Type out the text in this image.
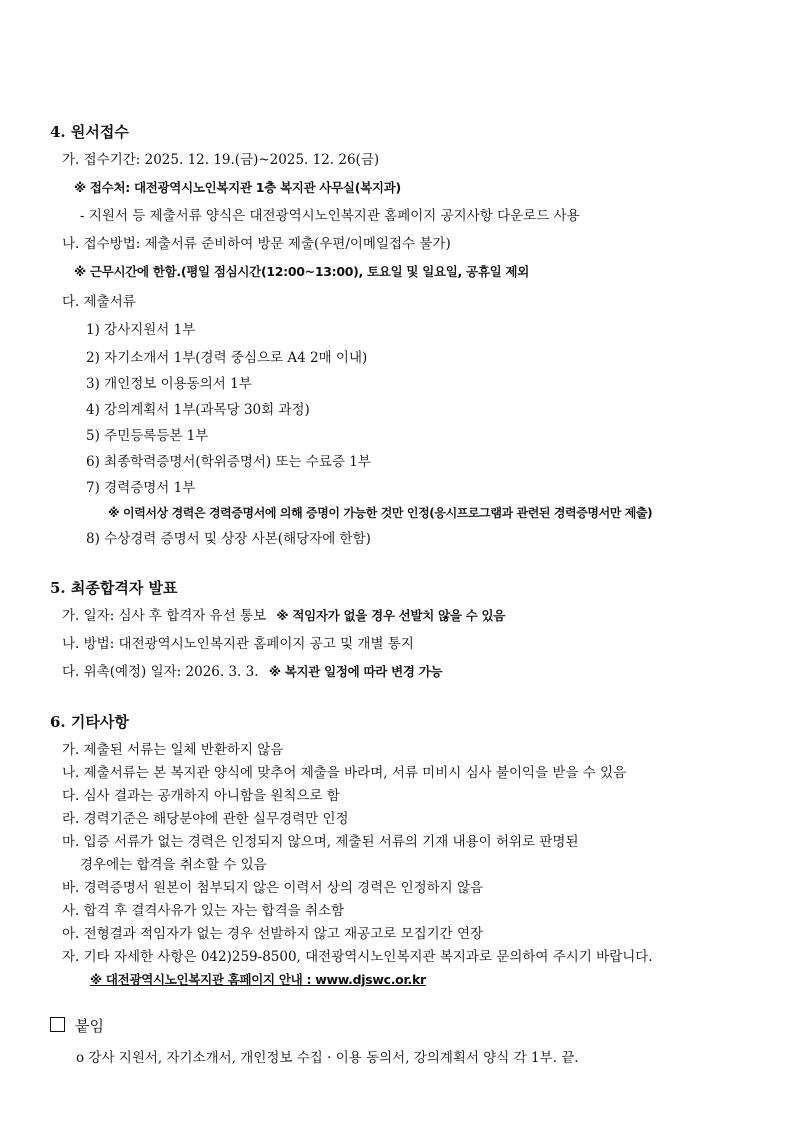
4. 원서접수
가. 접수기간: 2025. 12. 19.(금)~2025. 12. 26(금)
※ 접수처: 대전광역시노인복지관 1층 복지관 사무실(복지과)
- 지원서 등 제출서류 양식은 대전광역시노인복지관 홈페이지 공지사항 다운로드 사용
나. 접수방법: 제출서류 준비하여 방문 제출(우편/이메일접수 불가)
※ 근무시간에 한함.(평일 점심시간(12:00~13:00), 토요일 및 일요일, 공휴일 제외
다. 제출서류
1) 강사지원서 1부
2) 자기소개서 1부(경력 중심으로 A4 2매 이내)
3) 개인정보 이용동의서 1부
4) 강의계획서 1부(과목당 30회 과정)
5) 주민등록등본 1부
6) 최종학력증명서(학위증명서) 또는 수료증 1부
7) 경력증명서 1부
※ 이력서상 경력은 경력증명서에 의해 증명이 가능한 것만 인정(응시프로그램과 관련된 경력증명서만 제출)
8) 수상경력 증명서 및 상장 사본(해당자에 한함)
5. 최종합격자 발표
가. 일자: 심사 후 합격자 유선 통보 ※ 적임자가 없을 경우 선발치 않을 수 있음
나. 방법: 대전광역시노인복지관 홈페이지 공고 및 개별 통지
다. 위촉(예정) 일자: 2026. 3. 3. ※ 복지관 일정에 따라 변경 가능
6. 기타사항
가. 제출된 서류는 일체 반환하지 않음
나. 제출서류는 본 복지관 양식에 맞추어 제출을 바라며, 서류 미비시 심사 불이익을 받을 수 있음
다. 심사 결과는 공개하지 아니함을 원칙으로 함
라. 경력기준은 해당분야에 관한 실무경력만 인정
마. 입증 서류가 없는 경력은 인정되지 않으며, 제출된 서류의 기재 내용이 허위로 판명된
경우에는 합격을 취소할 수 있음
바. 경력증명서 원본이 첨부되지 않은 이력서 상의 경력은 인정하지 않음
사. 합격 후 결격사유가 있는 자는 합격을 취소함
아. 전형결과 적임자가 없는 경우 선발하지 않고 재공고로 모집기간 연장
자. 기타 자세한 사항은 042)259-8500, 대전광역시노인복지관 복지과로 문의하여 주시기 바랍니다.
※ 대전광역시노인복지관 홈페이지 안내 : www.djswc.or.kr
붙임
o 강사 지원서, 자기소개서, 개인정보 수집 · 이용 동의서, 강의계획서 양식 각 1부. 끝.
